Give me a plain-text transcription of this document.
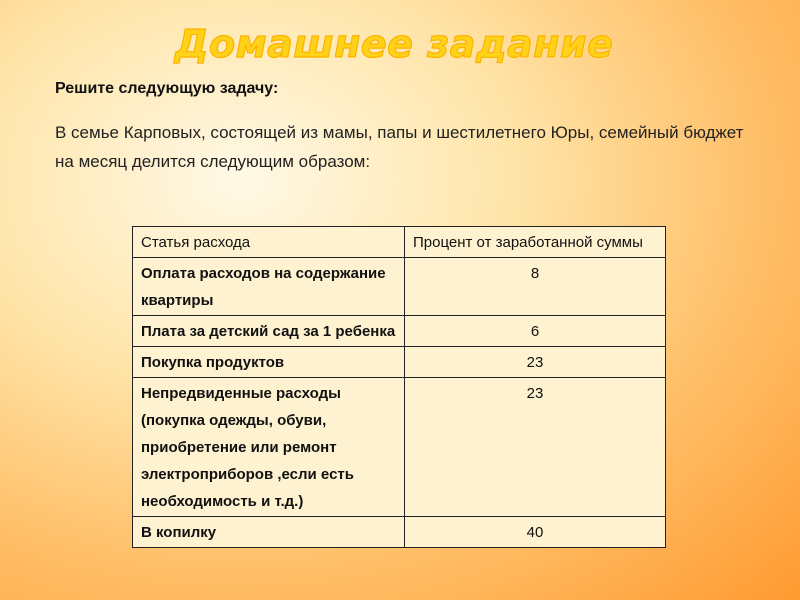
Домашнее задание
Решите следующую задачу:
В семье Карповых, состоящей из мамы, папы и шестилетнего Юры, семейный бюджет на месяц делится следующим образом:
Статья расхода	Процент от заработанной суммы
Оплата расходов на содержание квартиры	8
Плата за детский сад за 1 ребенка	6
Покупка продуктов	23
Непредвиденные расходы (покупка одежды, обуви, приобретение или ремонт электроприборов ,если есть необходимость и т.д.)	23
В копилку	40
